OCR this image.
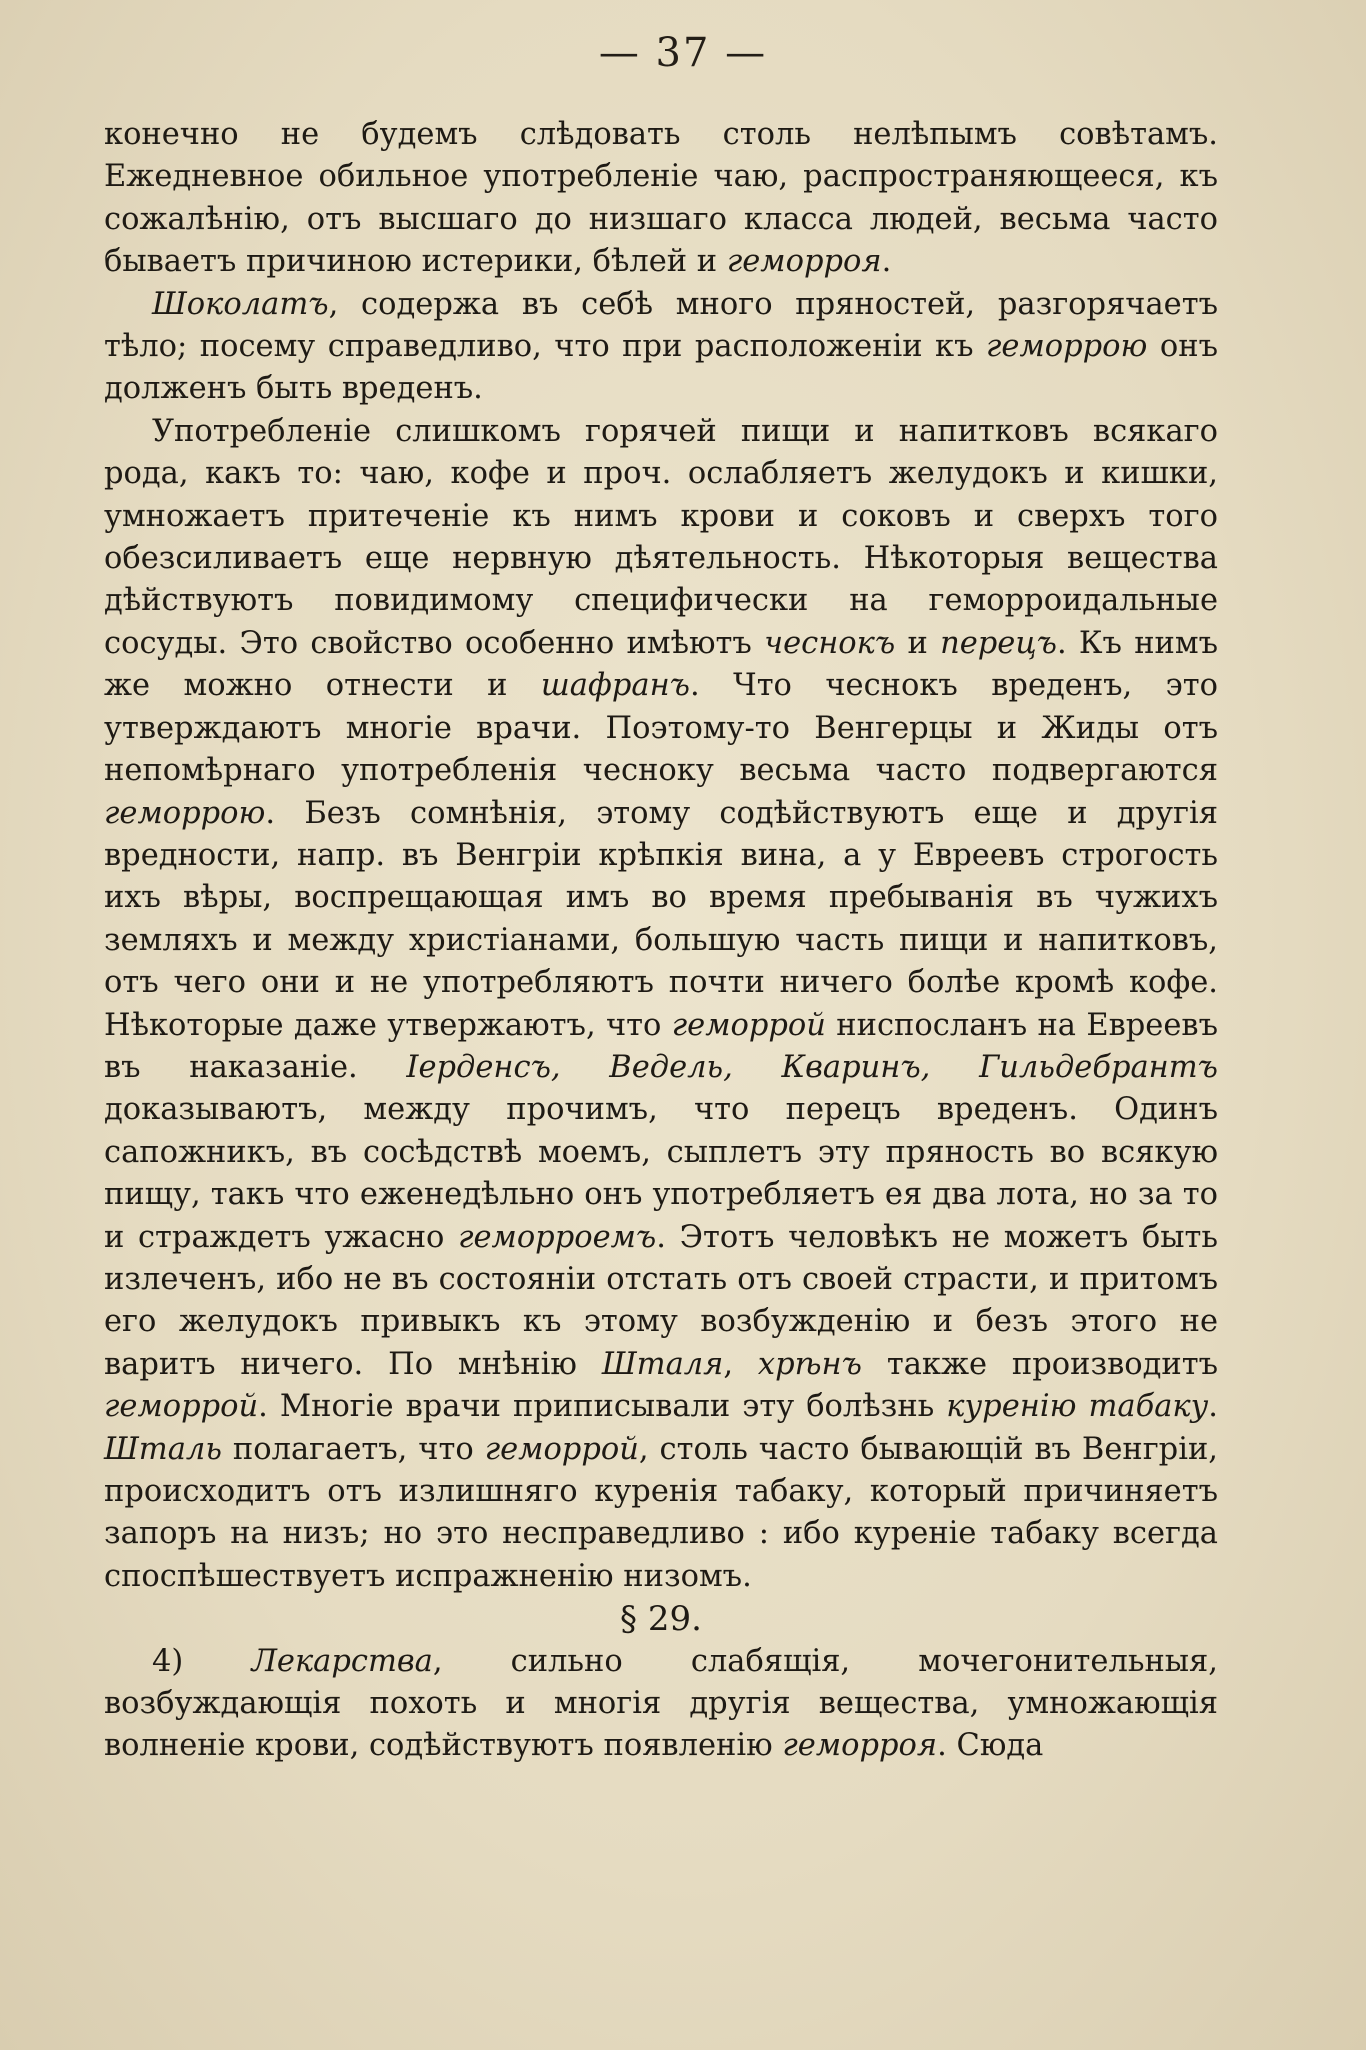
— 37 —

конечно не будемъ слѣдовать столь нелѣпымъ совѣтамъ. Ежедневное обильное употребленіе чаю, распространяющееся, къ сожалѣнію, отъ высшаго до низшаго класса людей, весьма часто бываетъ причиною истерики, бѣлей и геморроя.

Шоколатъ, содержа въ себѣ много пряностей, разгорячаетъ тѣло; посему справедливо, что при расположеніи къ геморрою онъ долженъ быть вреденъ.

Употребленіе слишкомъ горячей пищи и напитковъ всякаго рода, какъ то: чаю, кофе и проч. ослабляетъ желудокъ и кишки, умножаетъ притеченіе къ нимъ крови и соковъ и сверхъ того обезсиливаетъ еще нервную дѣятельность. Нѣкоторыя вещества дѣйствуютъ повидимому специфически на геморроидальные сосуды. Это свойство особенно имѣютъ чеснокъ и перецъ. Къ нимъ же можно отнести и шафранъ. Что чеснокъ вреденъ, это утверждаютъ многіе врачи. Поэтому-то Венгерцы и Жиды отъ непомѣрнаго употребленія чесноку весьма часто подвергаются геморрою. Безъ сомнѣнія, этому содѣйствуютъ еще и другія вредности, напр. въ Венгріи крѣпкія вина, а у Евреевъ строгость ихъ вѣры, воспрещающая имъ во время пребыванія въ чужихъ земляхъ и между христіанами, большую часть пищи и напитковъ, отъ чего они и не употребляютъ почти ничего болѣе кромѣ кофе. Нѣкоторые даже утвержаютъ, что геморрой ниспосланъ на Евреевъ въ наказаніе. Іерденсъ, Ведель, Кваринъ, Гильдебрантъ доказываютъ, между прочимъ, что перецъ вреденъ. Одинъ сапожникъ, въ сосѣдствѣ моемъ, сыплетъ эту пряность во всякую пищу, такъ что еженедѣльно онъ употребляетъ ея два лота, но за то и страждетъ ужасно геморроемъ. Этотъ человѣкъ не можетъ быть излеченъ, ибо не въ состояніи отстать отъ своей страсти, и притомъ его желудокъ привыкъ къ этому возбужденію и безъ этого не варитъ ничего. По мнѣнію Шталя, хрѣнъ также производитъ геморрой. Многіе врачи приписывали эту болѣзнь куренію табаку. Шталь полагаетъ, что геморрой, столь часто бывающій въ Венгріи, происходитъ отъ излишняго куренія табаку, который причиняетъ запоръ на низъ; но это несправедливо : ибо куреніе табаку всегда споспѣшествуетъ испражненію низомъ.

§ 29.

4) Лекарства, сильно слабящія, мочегонительныя, возбуждающія похоть и многія другія вещества, умножающія волненіе крови, содѣйствуютъ появленію геморроя. Сюда
